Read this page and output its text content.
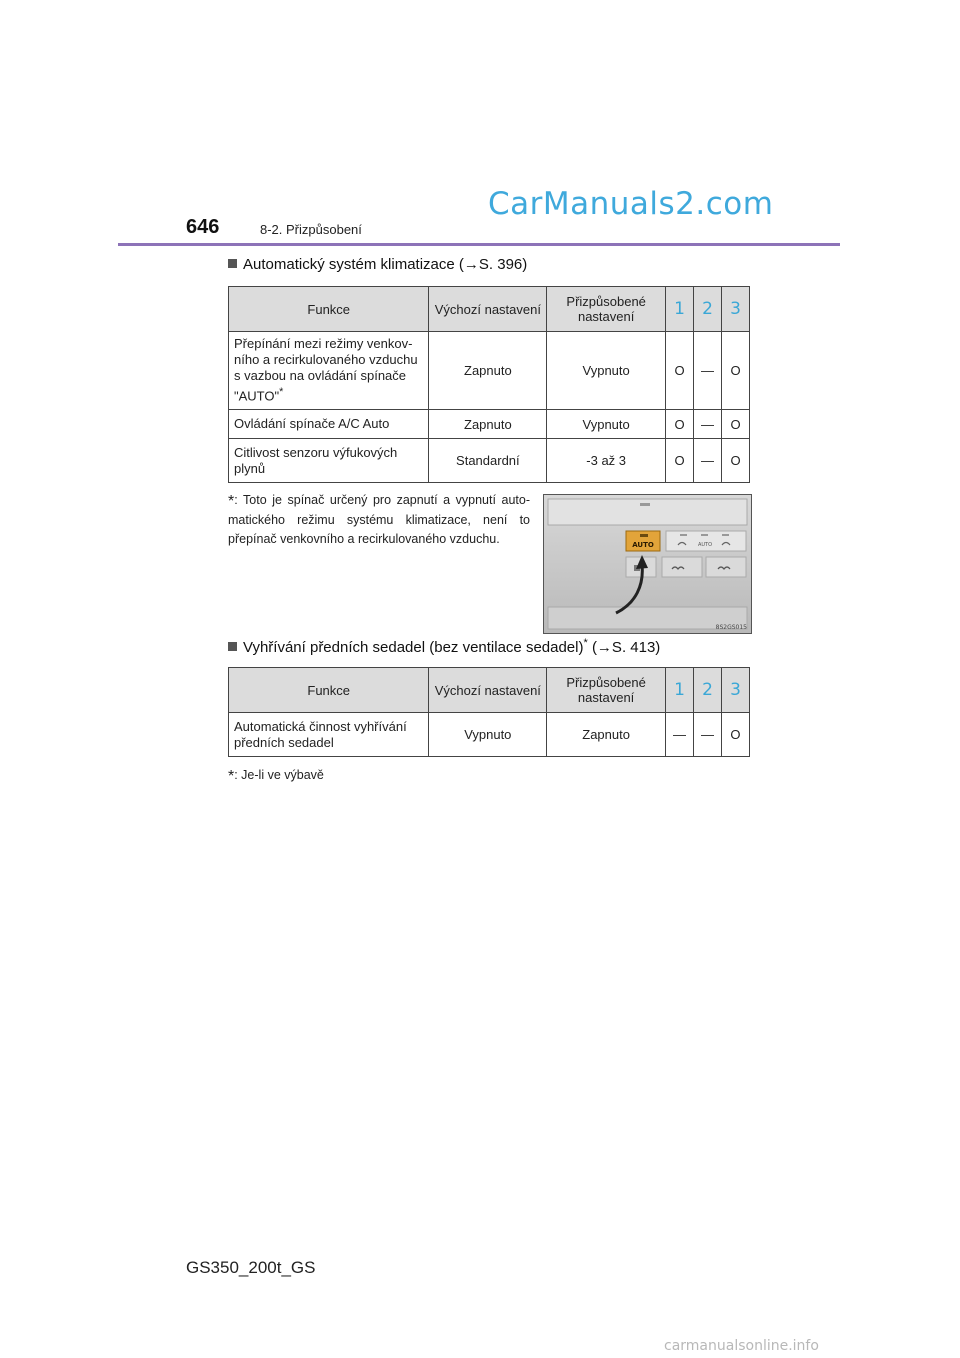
CarManuals2.com
646	8-2. Přizpůsobení
Automatický systém klimatizace (→S. 396)
Funkce	Výchozí nastavení	Přizpůsobené nastavení	1	2	3
Přepínání mezi režimy venkov-ního a recirkulovaného vzduchu s vazbou na ovládání spínače "AUTO"*	Zapnuto	Vypnuto	O	—	O
Ovládání spínače A/C Auto	Zapnuto	Vypnuto	O	—	O
Citlivost senzoru výfukových plynů	Standardní	-3 až 3	O	—	O
*: Toto je spínač určený pro zapnutí a vypnutí auto-matického režimu systému klimatizace, není to přepínač venkovního a recirkulovaného vzduchu.	AUTO	AUTO
8S2GS015
Vyhřívání předních sedadel (bez ventilace sedadel)* (→S. 413)
Funkce	Výchozí nastavení	Přizpůsobené nastavení	1	2	3
Automatická činnost vyhřívání předních sedadel	Vypnuto	Zapnuto	—	—	O
*: Je-li ve výbavě
GS350_200t_GS
carmanualsonline.info
